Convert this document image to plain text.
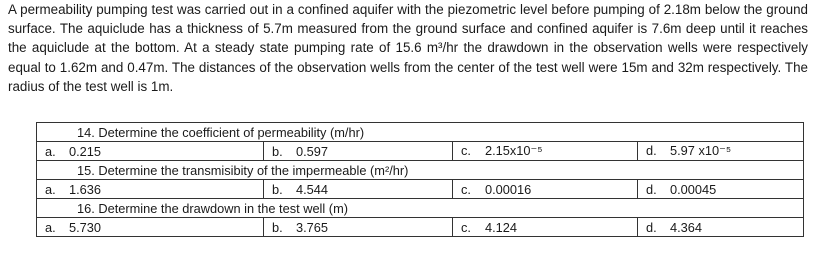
A permeability pumping test was carried out in a confined aquifer with the piezometric level before pumping of 2.18m below the ground surface. The aquiclude has a thickness of 5.7m measured from the ground surface and confined aquifer is 7.6m deep until it reaches the aquiclude at the bottom. At a steady state pumping rate of 15.6 m³/hr the drawdown in the observation wells were respectively equal to 1.62m and 0.47m. The distances of the observation wells from the center of the test well were 15m and 32m respectively. The radius of the test well is 1m.

14. Determine the coefficient of permeability (m/hr)			
a. 0.215	b. 0.597	c. 2.15x10⁻⁵	d. 5.97 x10⁻⁵
15. Determine the transmisibity of the impermeable (m²/hr)			
a. 1.636	b. 4.544	c. 0.00016	d. 0.00045
16. Determine the drawdown in the test well (m)			
a. 5.730	b. 3.765	c. 4.124	d. 4.364
